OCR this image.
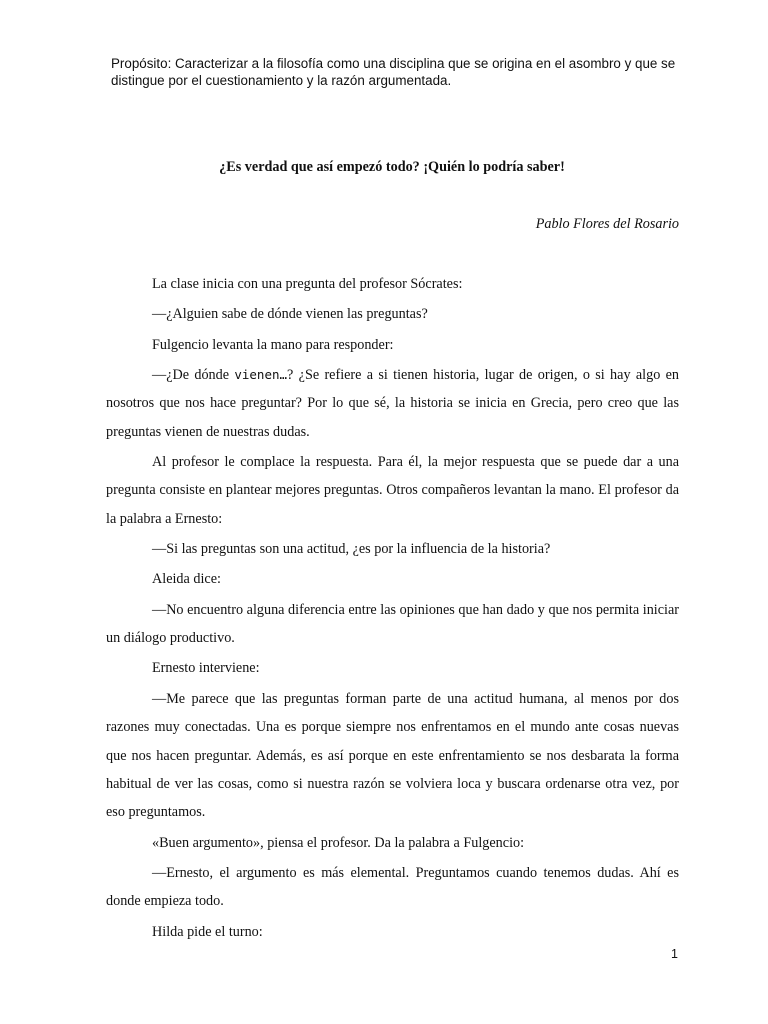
Propósito: Caracterizar a la filosofía como una disciplina que se origina en el asombro y que se distingue por el cuestionamiento y la razón argumentada.
¿Es verdad que así empezó todo? ¡Quién lo podría saber!
Pablo Flores del Rosario

La clase inicia con una pregunta del profesor Sócrates:

—¿Alguien sabe de dónde vienen las preguntas?

Fulgencio levanta la mano para responder:

—¿De dónde vienen…? ¿Se refiere a si tienen historia, lugar de origen, o si hay algo en nosotros que nos hace preguntar? Por lo que sé, la historia se inicia en Grecia, pero creo que las preguntas vienen de nuestras dudas.

Al profesor le complace la respuesta. Para él, la mejor respuesta que se puede dar a una pregunta consiste en plantear mejores preguntas. Otros compañeros levantan la mano. El profesor da la palabra a Ernesto:

—Si las preguntas son una actitud, ¿es por la influencia de la historia?

Aleida dice:

—No encuentro alguna diferencia entre las opiniones que han dado y que nos permita iniciar un diálogo productivo.

Ernesto interviene:

—Me parece que las preguntas forman parte de una actitud humana, al menos por dos razones muy conectadas. Una es porque siempre nos enfrentamos en el mundo ante cosas nuevas que nos hacen preguntar. Además, es así porque en este enfrentamiento se nos desbarata la forma habitual de ver las cosas, como si nuestra razón se volviera loca y buscara ordenarse otra vez, por eso preguntamos.

«Buen argumento», piensa el profesor. Da la palabra a Fulgencio:

—Ernesto, el argumento es más elemental. Preguntamos cuando tenemos dudas. Ahí es donde empieza todo.

Hilda pide el turno:

1
